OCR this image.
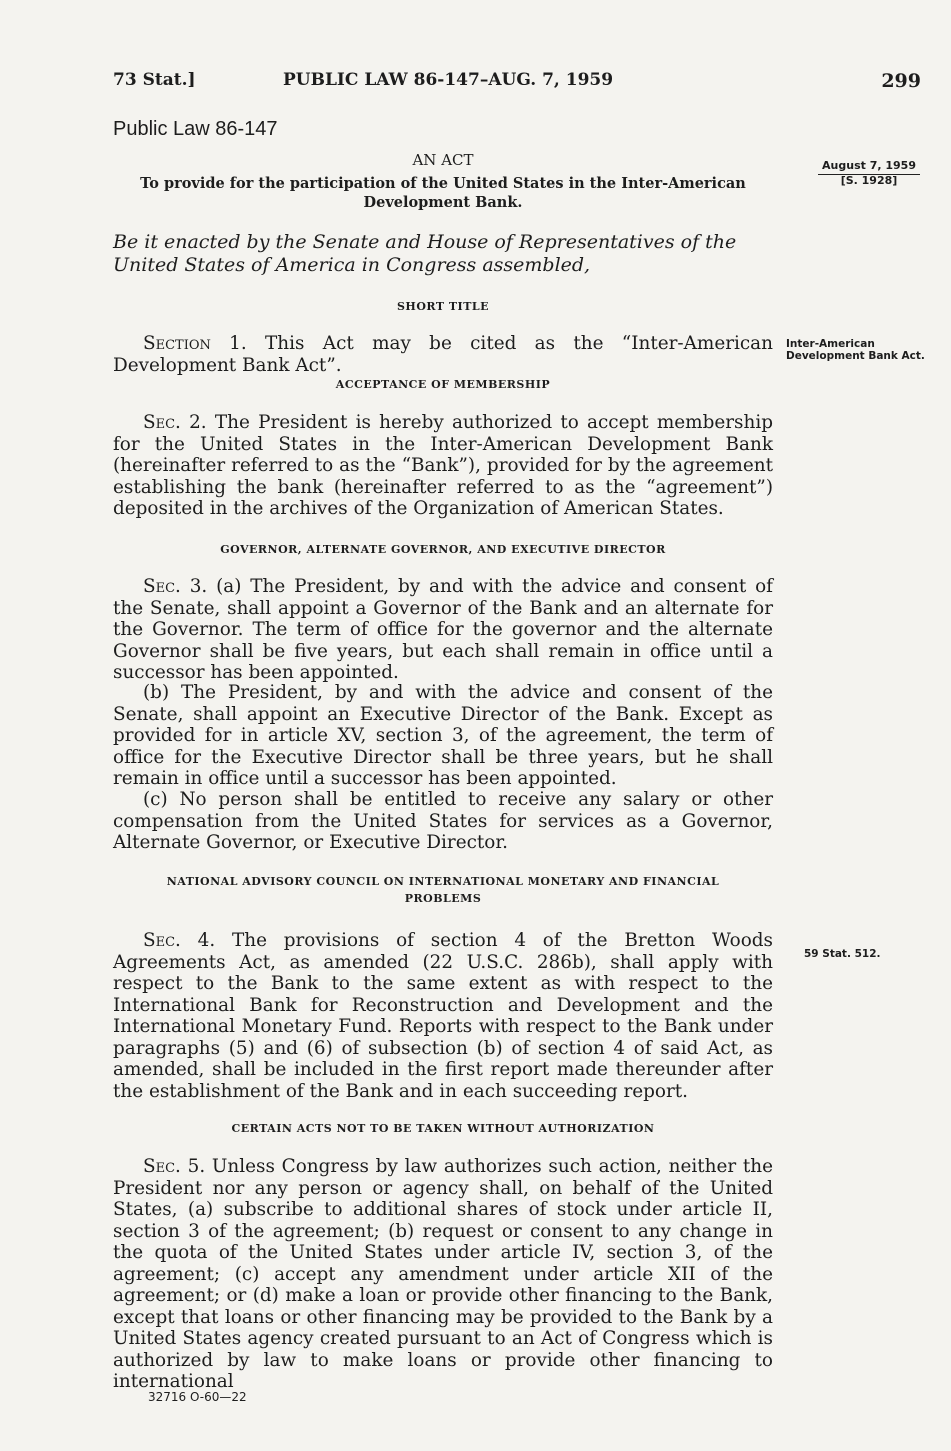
73 Stat.]	PUBLIC LAW 86-147–AUG. 7, 1959	299
Public Law 86-147
AN ACT
To provide for the participation of the United States in the Inter-American Development Bank.
August 7, 1959
[S. 1928]
Be it enacted by the Senate and House of Representatives of the United States of America in Congress assembled,
SHORT TITLE

Section 1. This Act may be cited as the “Inter-American Development Bank Act”.

Inter-American Development Bank Act.
ACCEPTANCE OF MEMBERSHIP

Sec. 2. The President is hereby authorized to accept membership for the United States in the Inter-American Development Bank (hereinafter referred to as the “Bank”), provided for by the agreement establishing the bank (hereinafter referred to as the “agreement”) deposited in the archives of the Organization of American States.

GOVERNOR, ALTERNATE GOVERNOR, AND EXECUTIVE DIRECTOR

Sec. 3. (a) The President, by and with the advice and consent of the Senate, shall appoint a Governor of the Bank and an alternate for the Governor. The term of office for the governor and the alternate Governor shall be five years, but each shall remain in office until a successor has been appointed.

(b) The President, by and with the advice and consent of the Senate, shall appoint an Executive Director of the Bank. Except as provided for in article XV, section 3, of the agreement, the term of office for the Executive Director shall be three years, but he shall remain in office until a successor has been appointed.

(c) No person shall be entitled to receive any salary or other compensation from the United States for services as a Governor, Alternate Governor, or Executive Director.

NATIONAL ADVISORY COUNCIL ON INTERNATIONAL MONETARY AND FINANCIAL PROBLEMS

Sec. 4. The provisions of section 4 of the Bretton Woods Agreements Act, as amended (22 U.S.C. 286b), shall apply with respect to the Bank to the same extent as with respect to the International Bank for Reconstruction and Development and the International Monetary Fund. Reports with respect to the Bank under paragraphs (5) and (6) of subsection (b) of section 4 of said Act, as amended, shall be included in the first report made thereunder after the establishment of the Bank and in each succeeding report.

59 Stat. 512.
CERTAIN ACTS NOT TO BE TAKEN WITHOUT AUTHORIZATION

Sec. 5. Unless Congress by law authorizes such action, neither the President nor any person or agency shall, on behalf of the United States, (a) subscribe to additional shares of stock under article II, section 3 of the agreement; (b) request or consent to any change in the quota of the United States under article IV, section 3, of the agreement; (c) accept any amendment under article XII of the agreement; or (d) make a loan or provide other financing to the Bank, except that loans or other financing may be provided to the Bank by a United States agency created pursuant to an Act of Congress which is authorized by law to make loans or provide other financing to international

32716 O-60—22
